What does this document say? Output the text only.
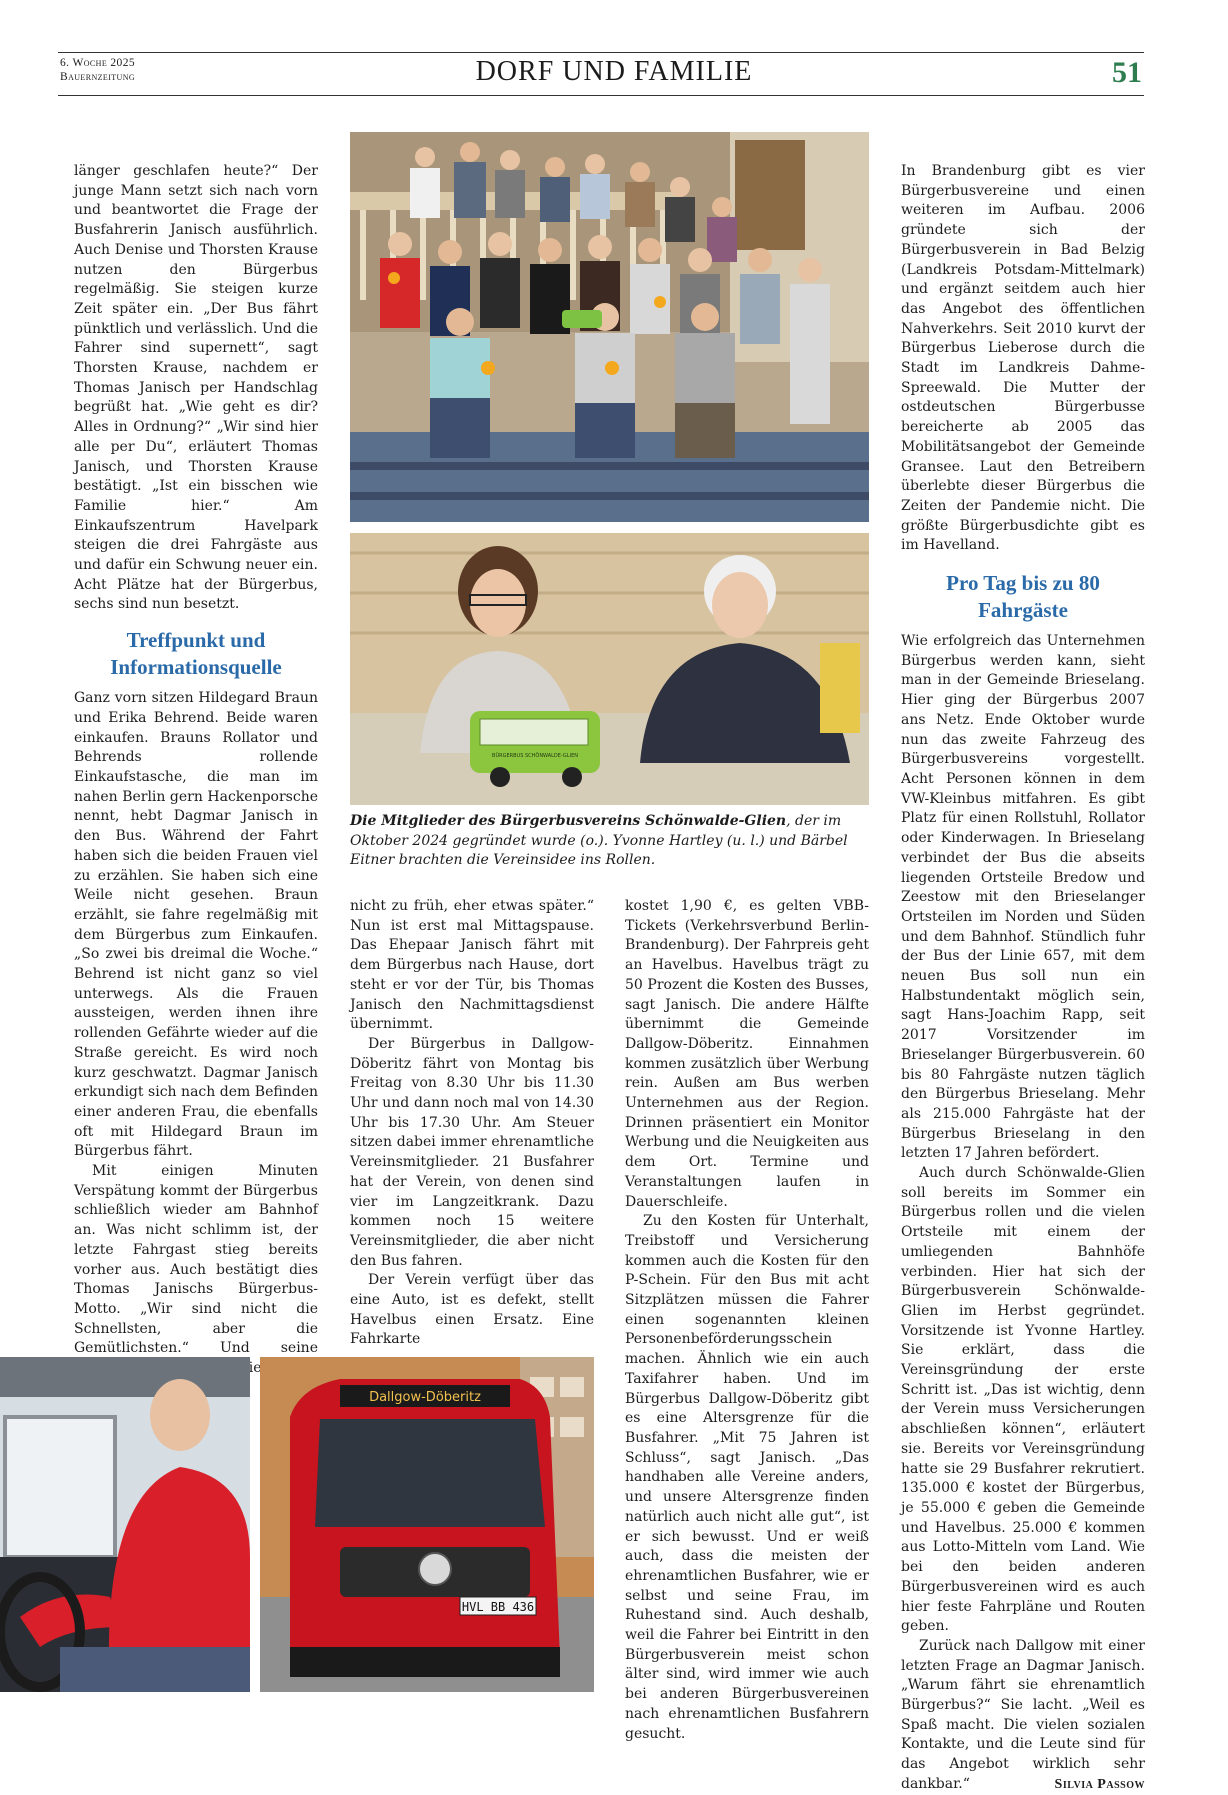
6. Woche 2025
Bauernzeitung	DORF UND FAMILIE	51
BÜRGERBUS SCHÖNWALDE-GLIEN
Die Mitglieder des Bürgerbusvereins Schönwalde-Glien, der im Oktober 2024 gegründet wurde (o.). Yvonne Hartley (u. l.) und Bärbel Eitner brachten die Vereinsidee ins Rollen.

länger geschlafen heute?“ Der junge Mann setzt sich nach vorn und beantwortet die Frage der Busfahrerin Janisch ausführlich. Auch Denise und Thorsten Krause nutzen den Bürgerbus regelmäßig. Sie steigen kurze Zeit später ein. „Der Bus fährt pünktlich und verlässlich. Und die Fahrer sind supernett“, sagt Thorsten Krause, nachdem er Thomas Janisch per Handschlag begrüßt hat. „Wie geht es dir? Alles in Ordnung?“ „Wir sind hier alle per Du“, erläutert Thomas Janisch, und Thorsten Krause bestätigt. „Ist ein bisschen wie Familie hier.“ Am Einkaufszentrum Havelpark steigen die drei Fahrgäste aus und dafür ein Schwung neuer ein. Acht Plätze hat der Bürgerbus, sechs sind nun besetzt.

Treffpunkt und Informationsquelle

Ganz vorn sitzen Hildegard Braun und Erika Behrend. Beide waren einkaufen. Brauns Rollator und Behrends rollende Einkaufstasche, die man im nahen Berlin gern Hackenporsche nennt, hebt Dagmar Janisch in den Bus. Während der Fahrt haben sich die beiden Frauen viel zu erzählen. Sie haben sich eine Weile nicht gesehen. Braun erzählt, sie fahre regelmäßig mit dem Bürgerbus zum Einkaufen. „So zwei bis dreimal die Woche.“ Behrend ist nicht ganz so viel unterwegs. Als die Frauen aussteigen, werden ihnen ihre rollenden Gefährte wieder auf die Straße gereicht. Es wird noch kurz geschwatzt. Dagmar Janisch erkundigt sich nach dem Befinden einer anderen Frau, die ebenfalls oft mit Hildegard Braun im Bürgerbus fährt.

Mit einigen Minuten Verspätung kommt der Bürgerbus schließlich wieder am Bahnhof an. Was nicht schlimm ist, der letzte Fahrgast stieg bereits vorher aus. Auch bestätigt dies Thomas Janischs Bürgerbus-Motto. „Wir sind nicht die Schnellsten, aber die Gemütlichsten.“ Und seine

nicht zu früh, eher etwas später.“ Nun ist erst mal Mittagspause. Das Ehepaar Janisch fährt mit dem Bürgerbus nach Hause, dort steht er vor der Tür, bis Thomas Janisch den Nachmittagsdienst übernimmt.

Der Bürgerbus in Dallgow-Döberitz fährt von Montag bis Freitag von 8.30 Uhr bis 11.30 Uhr und dann noch mal von 14.30 Uhr bis 17.30 Uhr. Am Steuer sitzen dabei immer ehrenamtliche Vereinsmitglieder. 21 Busfahrer hat der Verein, von denen sind vier im Langzeitkrank. Dazu kommen noch 15 weitere Vereinsmitglieder, die aber nicht den Bus fahren.

Der Verein verfügt über das eine Auto, ist es defekt, stellt Havelbus einen Ersatz. Eine Fahrkarte

kostet 1,90 €, es gelten VBB-Tickets (Verkehrsverbund Berlin-Brandenburg). Der Fahrpreis geht an Havelbus. Havelbus trägt zu 50 Prozent die Kosten des Busses, sagt Janisch. Die andere Hälfte übernimmt die Gemeinde Dallgow-Döberitz. Einnahmen kommen zusätzlich über Werbung rein. Außen am Bus werben Unternehmen aus der Region. Drinnen präsentiert ein Monitor Werbung und die Neuigkeiten aus dem Ort. Termine und Veranstaltungen laufen in Dauerschleife.

Zu den Kosten für Unterhalt, Treibstoff und Versicherung kommen auch die Kosten für den P-Schein. Für den Bus mit acht Sitzplätzen müssen die Fahrer einen sogenannten kleinen Personenbeförderungsschein machen. Ähnlich wie ein auch Taxifahrer haben. Und im Bürgerbus Dallgow-Döberitz gibt es eine Altersgrenze für die Busfahrer. „Mit 75 Jahren ist Schluss“, sagt Janisch. „Das handhaben alle Vereine anders, und unsere Altersgrenze finden natürlich auch nicht alle gut“, ist er sich bewusst. Und er weiß auch, dass die meisten der ehrenamtlichen Busfahrer, wie er selbst und seine Frau, im Ruhestand sind. Auch deshalb, weil die Fahrer bei Eintritt in den Bürgerbusverein meist schon älter sind, wird immer wie auch bei anderen Bürgerbusvereinen nach ehrenamtlichen Busfahrern gesucht.

In Brandenburg gibt es vier Bürgerbusvereine und einen weiteren im Aufbau. 2006 gründete sich der Bürgerbusverein in Bad Belzig (Landkreis Potsdam-Mittelmark) und ergänzt seitdem auch hier das Angebot des öffentlichen Nahverkehrs. Seit 2010 kurvt der Bürgerbus Lieberose durch die Stadt im Landkreis Dahme-Spreewald. Die Mutter der ostdeutschen Bürgerbusse bereicherte ab 2005 das Mobilitätsangebot der Gemeinde Gransee. Laut den Betreibern überlebte dieser Bürgerbus die Zeiten der Pandemie nicht. Die größte Bürgerbusdichte gibt es im Havelland.

Pro Tag bis zu 80 Fahrgäste

Wie erfolgreich das Unternehmen Bürgerbus werden kann, sieht man in der Gemeinde Brieselang. Hier ging der Bürgerbus 2007 ans Netz. Ende Oktober wurde nun das zweite Fahrzeug des Bürgerbusvereins vorgestellt. Acht Personen können in dem VW-Kleinbus mitfahren. Es gibt Platz für einen Rollstuhl, Rollator oder Kinderwagen. In Brieselang verbindet der Bus die abseits liegenden Ortsteile Bredow und Zeestow mit den Brieselanger Ortsteilen im Norden und Süden und dem Bahnhof. Stündlich fuhr der Bus der Linie 657, mit dem neuen Bus soll nun ein Halbstundentakt möglich sein, sagt Hans-Joachim Rapp, seit 2017 Vorsitzender im Brieselanger Bürgerbusverein. 60 bis 80 Fahrgäste nutzen täglich den Bürgerbus Brieselang. Mehr als 215.000 Fahrgäste hat der Bürgerbus Brieselang in den letzten 17 Jahren befördert.

Auch durch Schönwalde-Glien soll bereits im Sommer ein Bürgerbus rollen und die vielen Ortsteile mit einem der umliegenden Bahnhöfe verbinden. Hier hat sich der Bürgerbusverein Schönwalde-Glien im Herbst gegründet. Vorsitzende ist Yvonne Hartley. Sie erklärt, dass die Vereinsgründung der erste Schritt ist. „Das ist wichtig, denn der Verein muss Versicherungen abschließen können“, erläutert sie. Bereits vor Vereinsgründung hatte sie 29 Busfahrer rekrutiert. 135.000 € kostet der Bürgerbus, je 55.000 € geben die Gemeinde und Havelbus. 25.000 € kommen aus Lotto-Mitteln vom Land. Wie bei den beiden anderen Bürgerbusvereinen wird es auch hier feste Fahrpläne und Routen geben.

Zurück nach Dallgow mit einer letzten Frage an Dagmar Janisch. „Warum fährt sie ehrenamtlich Bürgerbus?“ Sie lacht. „Weil es Spaß macht. Die vielen sozialen Kontakte, und die Leute sind für das Angebot wirklich sehr dankbar.“	Silvia Passow

Dallgow-Döberitz
HVL BB 436
